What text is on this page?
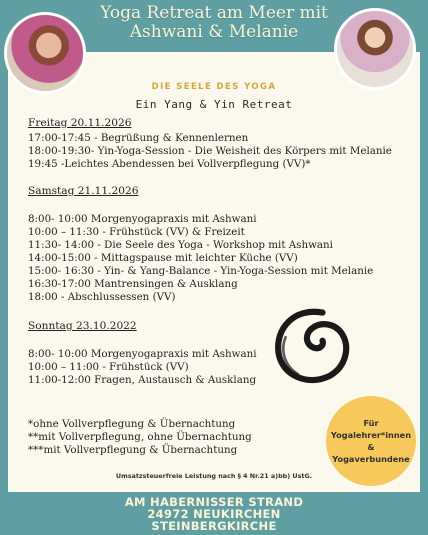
Yoga Retreat am Meer mit
Ashwani & Melanie
DIE SEELE DES YOGA
Ein Yang & Yin Retreat
Freitag 20.11.2026
17:00-17:45 - Begrüßung & Kennenlernen
18:00-19:30- Yin-Yoga-Session - Die Weisheit des Körpers mit Melanie
19:45 -Leichtes Abendessen bei Vollverpflegung (VV)*
Samstag 21.11.2026
8:00- 10:00 Morgenyogapraxis mit Ashwani
10:00 – 11:30 - Frühstück (VV) & Freizeit
11:30- 14:00 - Die Seele des Yoga - Workshop mit Ashwani
14:00-15:00 - Mittagspause mit leichter Küche (VV)
15:00- 16:30 - Yin- & Yang-Balance - Yin-Yoga-Session mit Melanie
16:30-17:00 Mantrensingen & Ausklang
18:00 - Abschlussessen (VV)
Sonntag 23.10.2022
8:00- 10:00 Morgenyogapraxis mit Ashwani
10:00 – 11:00 - Frühstück (VV)
11:00-12:00 Fragen, Austausch & Ausklang
*ohne Vollverpflegung & Übernachtung
**mit Vollverpflegung, ohne Übernachtung
***mit Vollverpflegung & Übernachtung
Umsatzsteuerfreie Leistung nach § 4 Nr.21 a)bb) UstG.
Für
Yogalehrer*innen
&
Yogaverbundene
AM HABERNISSER STRAND
24972 NEUKIRCHEN
STEINBERGKIRCHE
